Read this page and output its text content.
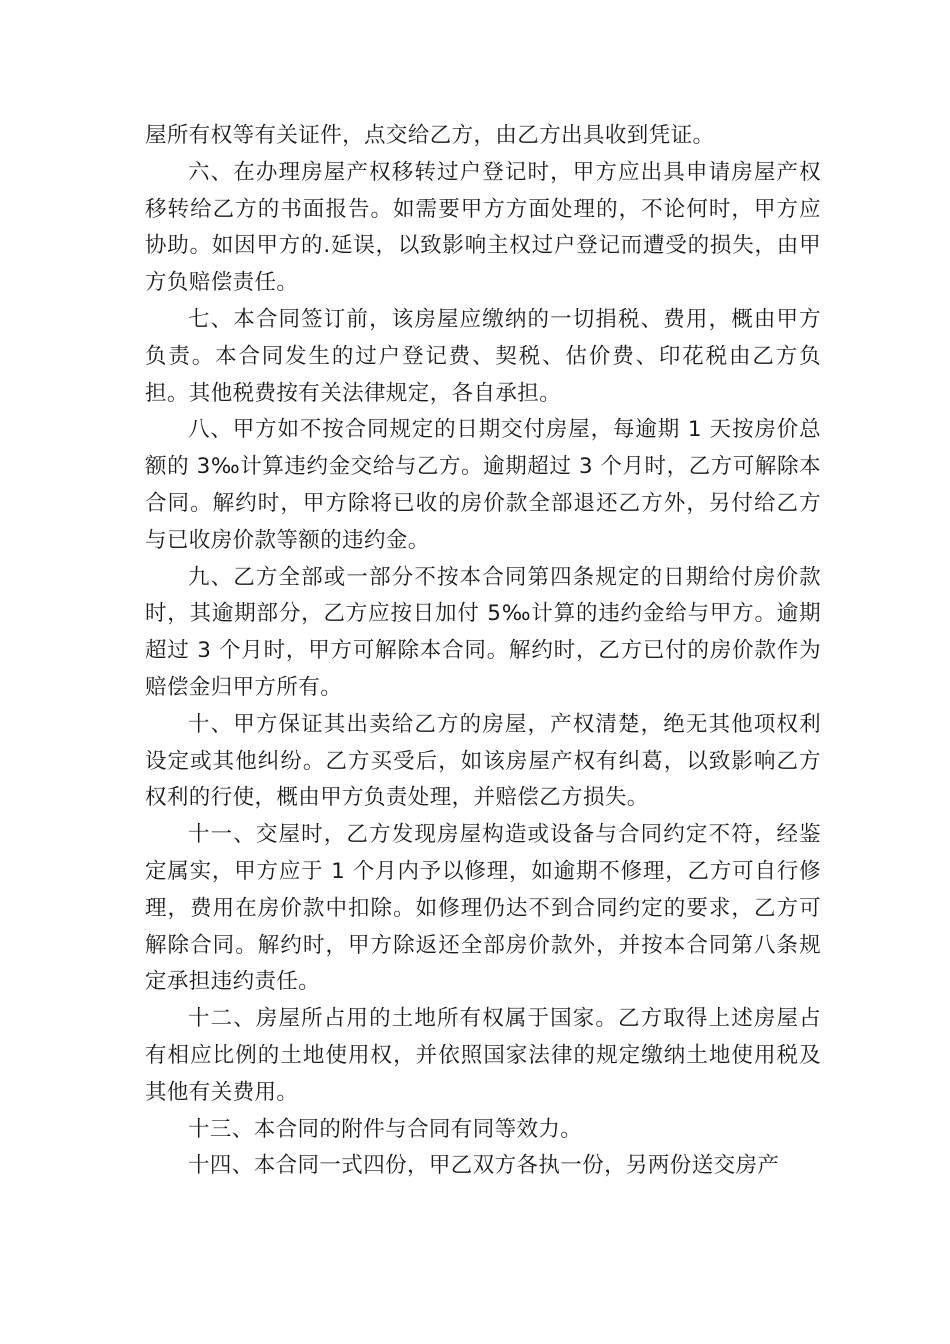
屋所有权等有关证件，点交给乙方，由乙方出具收到凭证。

六、在办理房屋产权移转过户登记时，甲方应出具申请房屋产权移转给乙方的书面报告。如需要甲方方面处理的，不论何时，甲方应协助。如因甲方的.延误，以致影响主权过户登记而遭受的损失，由甲方负赔偿责任。

七、本合同签订前，该房屋应缴纳的一切捐税、费用，概由甲方负责。本合同发生的过户登记费、契税、估价费、印花税由乙方负担。其他税费按有关法律规定，各自承担。

八、甲方如不按合同规定的日期交付房屋，每逾期 1 天按房价总额的 3‰计算违约金交给与乙方。逾期超过 3 个月时，乙方可解除本合同。解约时，甲方除将已收的房价款全部退还乙方外，另付给乙方与已收房价款等额的违约金。

九、乙方全部或一部分不按本合同第四条规定的日期给付房价款时，其逾期部分，乙方应按日加付 5‰计算的违约金给与甲方。逾期超过 3 个月时，甲方可解除本合同。解约时，乙方已付的房价款作为赔偿金归甲方所有。

十、甲方保证其出卖给乙方的房屋，产权清楚，绝无其他项权利设定或其他纠纷。乙方买受后，如该房屋产权有纠葛，以致影响乙方权利的行使，概由甲方负责处理，并赔偿乙方损失。

十一、交屋时，乙方发现房屋构造或设备与合同约定不符，经鉴定属实，甲方应于 1 个月内予以修理，如逾期不修理，乙方可自行修理，费用在房价款中扣除。如修理仍达不到合同约定的要求，乙方可解除合同。解约时，甲方除返还全部房价款外，并按本合同第八条规定承担违约责任。

十二、房屋所占用的土地所有权属于国家。乙方取得上述房屋占有相应比例的土地使用权，并依照国家法律的规定缴纳土地使用税及其他有关费用。

十三、本合同的附件与合同有同等效力。

十四、本合同一式四份，甲乙双方各执一份，另两份送交房产
